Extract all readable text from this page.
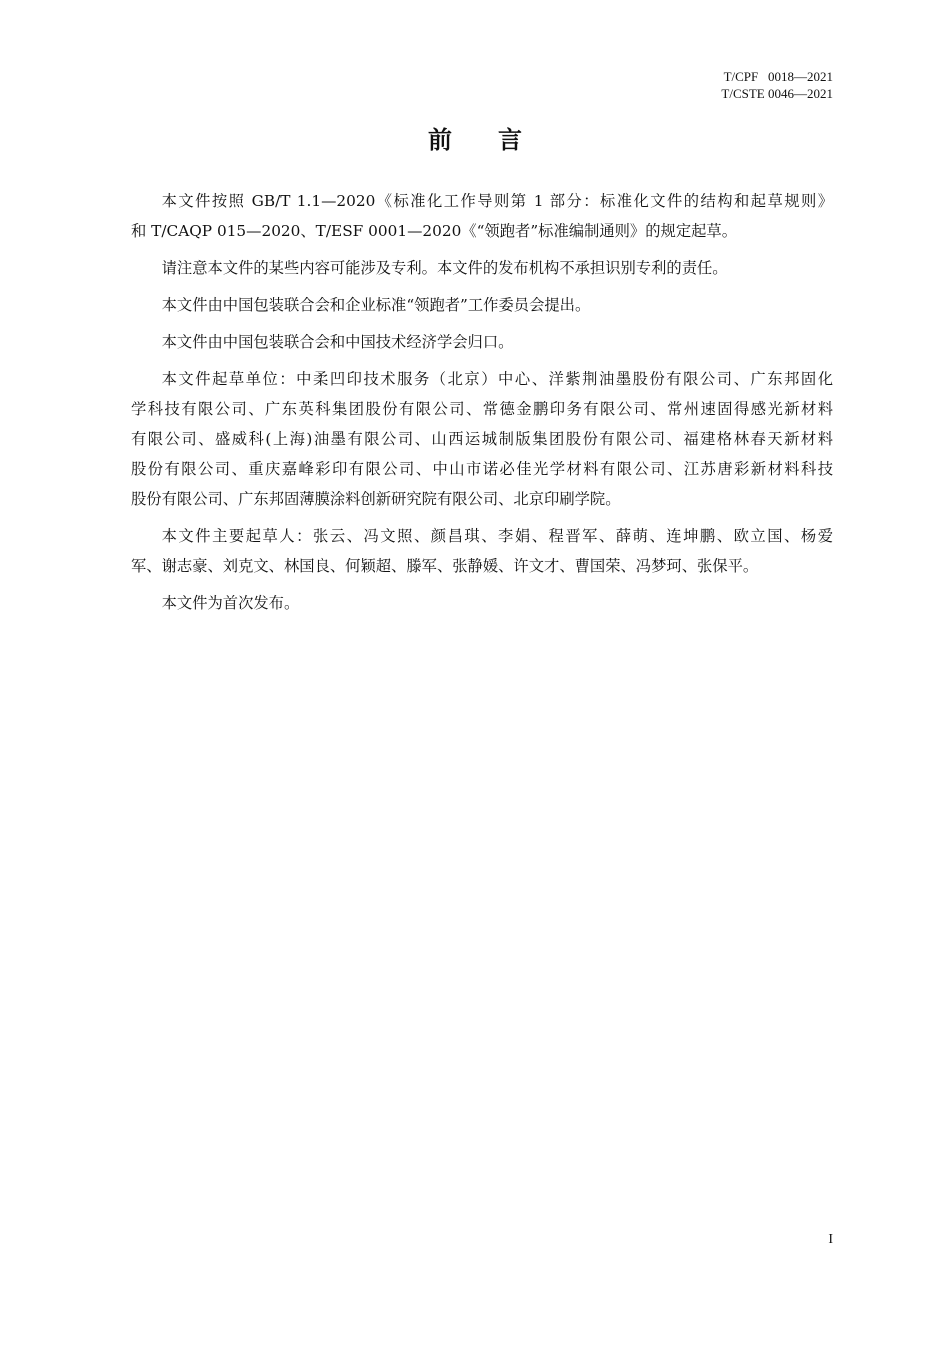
T/CPF   0018—2021
T/CSTE 0046—2021
前言
本文件按照 GB/T 1.1—2020《标准化工作导则第 1 部分：标准化文件的结构和起草规则》
和 T/CAQP 015—2020、T/ESF 0001—2020《“领跑者”标准编制通则》的规定起草。
请注意本文件的某些内容可能涉及专利。本文件的发布机构不承担识别专利的责任。
本文件由中国包装联合会和企业标准“领跑者”工作委员会提出。
本文件由中国包装联合会和中国技术经济学会归口。
本文件起草单位：中柔凹印技术服务（北京）中心、洋紫荆油墨股份有限公司、广东邦固化
学科技有限公司、广东英科集团股份有限公司、常德金鹏印务有限公司、常州速固得感光新材料
有限公司、盛威科(上海)油墨有限公司、山西运城制版集团股份有限公司、福建格林春天新材料
股份有限公司、重庆嘉峰彩印有限公司、中山市诺必佳光学材料有限公司、江苏唐彩新材料科技
股份有限公司、广东邦固薄膜涂料创新研究院有限公司、北京印刷学院。
本文件主要起草人：张云、冯文照、颜昌琪、李娟、程晋军、薛萌、连坤鹏、欧立国、杨爱
军、谢志豪、刘克文、林国良、何颖超、滕军、张静媛、许文才、曹国荣、冯梦珂、张保平。
本文件为首次发布。
I
